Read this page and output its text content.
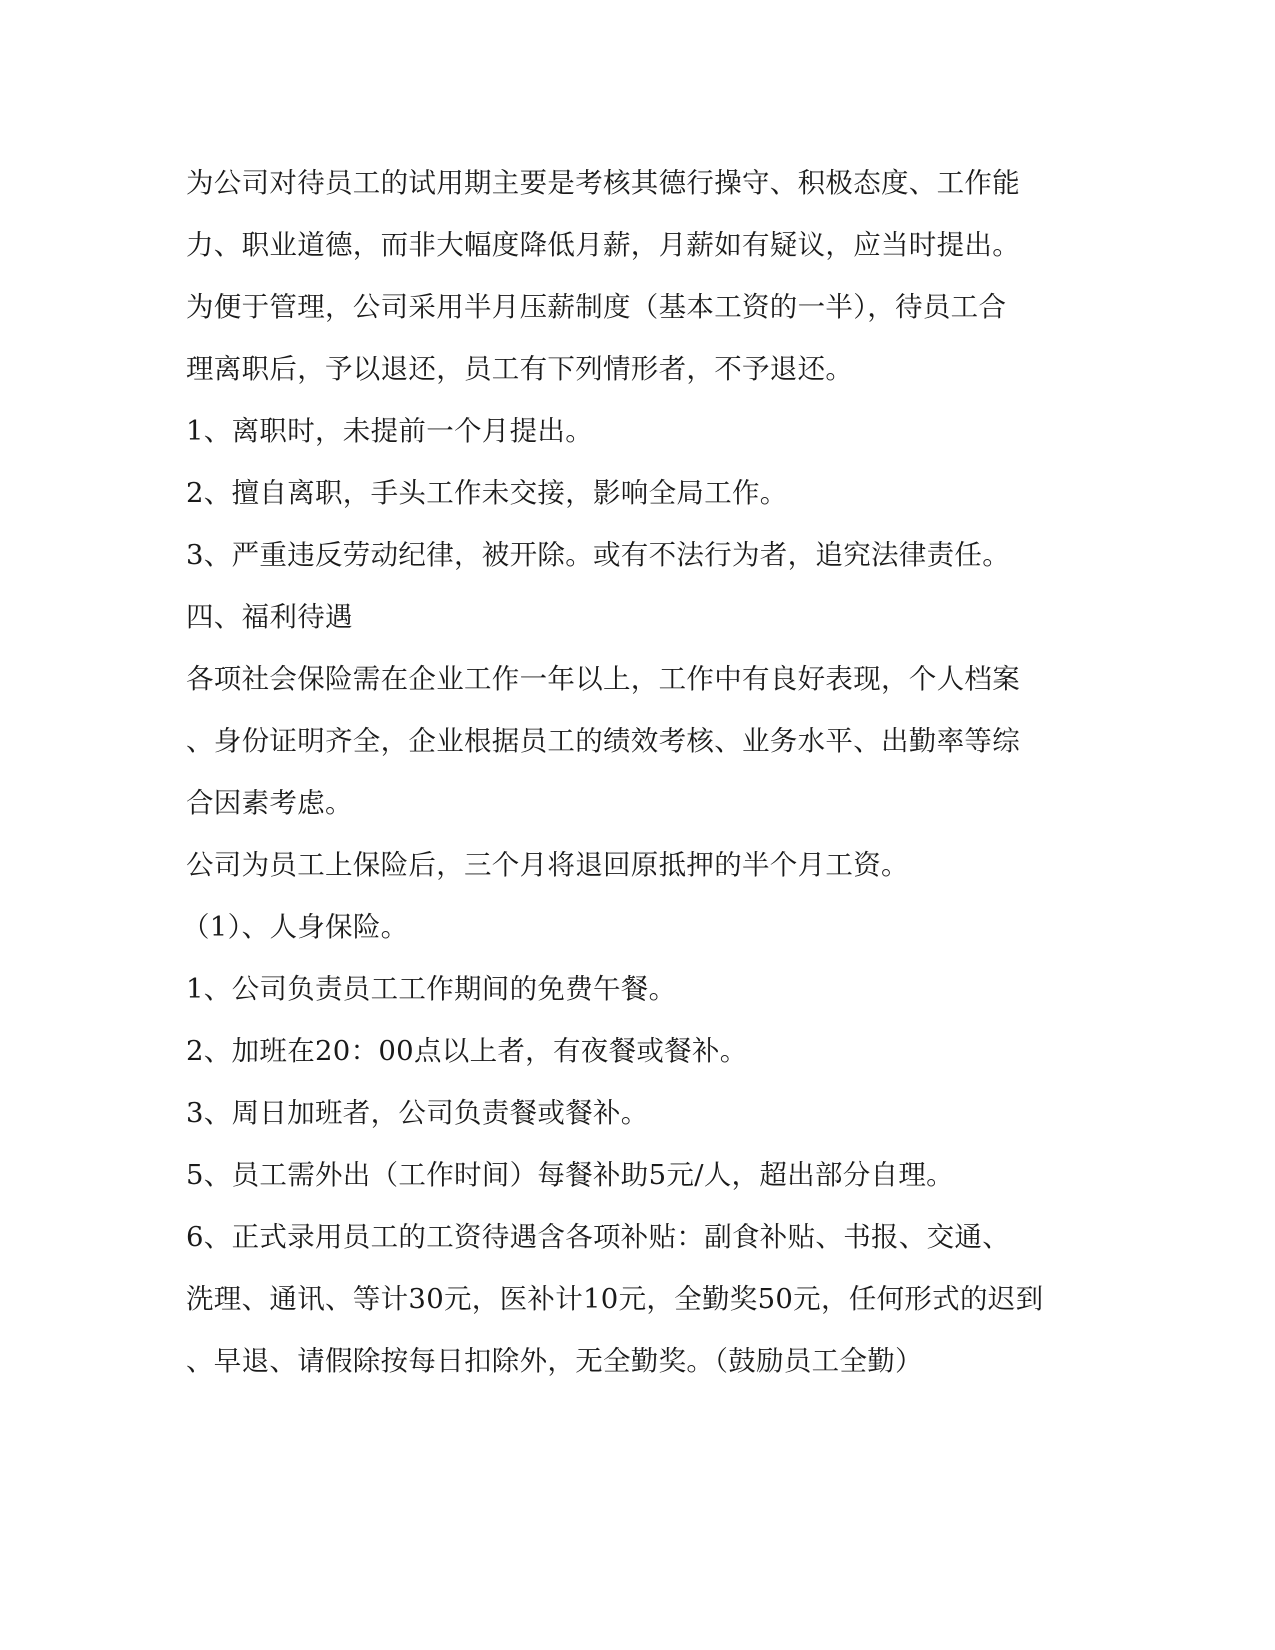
为公司对待员工的试用期主要是考核其德行操守、积极态度、工作能
力、职业道德，而非大幅度降低月薪，月薪如有疑议，应当时提出。
为便于管理，公司采用半月压薪制度（基本工资的一半），待员工合
理离职后，予以退还，员工有下列情形者，不予退还。
1、离职时，未提前一个月提出。
2、擅自离职，手头工作未交接，影响全局工作。
3、严重违反劳动纪律，被开除。或有不法行为者，追究法律责任。
四、福利待遇
各项社会保险需在企业工作一年以上，工作中有良好表现，个人档案
、身份证明齐全，企业根据员工的绩效考核、业务水平、出勤率等综
合因素考虑。
公司为员工上保险后，三个月将退回原抵押的半个月工资。
（1）、人身保险。
1、公司负责员工工作期间的免费午餐。
2、加班在20：00点以上者，有夜餐或餐补。
3、周日加班者，公司负责餐或餐补。
5、员工需外出（工作时间）每餐补助5元/人，超出部分自理。
6、正式录用员工的工资待遇含各项补贴：副食补贴、书报、交通、
洗理、通讯、等计30元，医补计10元，全勤奖50元，任何形式的迟到
、早退、请假除按每日扣除外，无全勤奖。（鼓励员工全勤）
